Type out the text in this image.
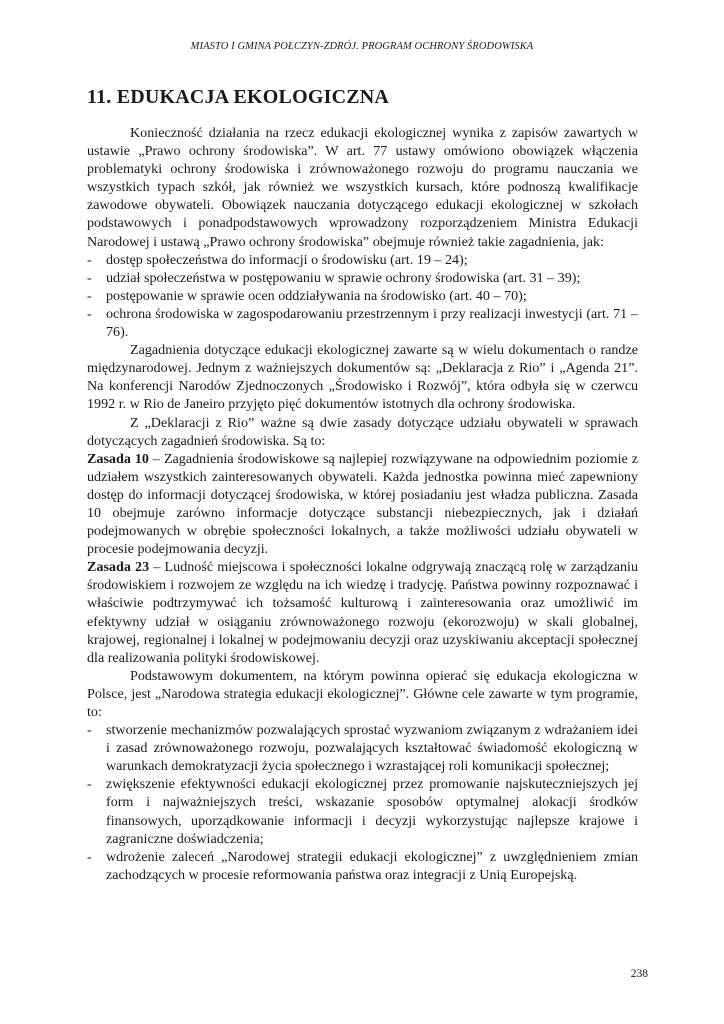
MIASTO I GMINA POŁCZYN-ZDRÓJ. PROGRAM OCHRONY ŚRODOWISKA
11. EDUKACJA EKOLOGICZNA

Konieczność działania na rzecz edukacji ekologicznej wynika z zapisów zawartych w ustawie „Prawo ochrony środowiska”. W art. 77 ustawy omówiono obowiązek włączenia problematyki ochrony środowiska i zrównoważonego rozwoju do programu nauczania we wszystkich typach szkół, jak również we wszystkich kursach, które podnoszą kwalifikacje zawodowe obywateli. Obowiązek nauczania dotyczącego edukacji ekologicznej w szkołach podstawowych i ponadpodstawowych wprowadzony rozporządzeniem Ministra Edukacji Narodowej i ustawą „Prawo ochrony środowiska” obejmuje również takie zagadnienia, jak:

- dostęp społeczeństwa do informacji o środowisku (art. 19 – 24);
- udział społeczeństwa w postępowaniu w sprawie ochrony środowiska (art. 31 – 39);
- postępowanie w sprawie ocen oddziaływania na środowisko (art. 40 – 70);
- ochrona środowiska w zagospodarowaniu przestrzennym i przy realizacji inwestycji (art. 71 – 76).

Zagadnienia dotyczące edukacji ekologicznej zawarte są w wielu dokumentach o randze międzynarodowej. Jednym z ważniejszych dokumentów są: „Deklaracja z Rio” i „Agenda 21”. Na konferencji Narodów Zjednoczonych „Środowisko i Rozwój”, która odbyła się w czerwcu 1992 r. w Rio de Janeiro przyjęto pięć dokumentów istotnych dla ochrony środowiska.

Z „Deklaracji z Rio” ważne są dwie zasady dotyczące udziału obywateli w sprawach dotyczących zagadnień środowiska. Są to:

Zasada 10 – Zagadnienia środowiskowe są najlepiej rozwiązywane na odpowiednim poziomie z udziałem wszystkich zainteresowanych obywateli. Każda jednostka powinna mieć zapewniony dostęp do informacji dotyczącej środowiska, w której posiadaniu jest władza publiczna. Zasada 10 obejmuje zarówno informacje dotyczące substancji niebezpiecznych, jak i działań podejmowanych w obrębie społeczności lokalnych, a także możliwości udziału obywateli w procesie podejmowania decyzji.

Zasada 23 – Ludność miejscowa i społeczności lokalne odgrywają znaczącą rolę w zarządzaniu środowiskiem i rozwojem ze względu na ich wiedzę i tradycję. Państwa powinny rozpoznawać i właściwie podtrzymywać ich tożsamość kulturową i zainteresowania oraz umożliwić im efektywny udział w osiąganiu zrównoważonego rozwoju (ekorozwoju) w skali globalnej, krajowej, regionalnej i lokalnej w podejmowaniu decyzji oraz uzyskiwaniu akceptacji społecznej dla realizowania polityki środowiskowej.

Podstawowym dokumentem, na którym powinna opierać się edukacja ekologiczna w Polsce, jest „Narodowa strategia edukacji ekologicznej”. Główne cele zawarte w tym programie, to:

- stworzenie mechanizmów pozwalających sprostać wyzwaniom związanym z wdrażaniem idei i zasad zrównoważonego rozwoju, pozwalających kształtować świadomość ekologiczną w warunkach demokratyzacji życia społecznego i wzrastającej roli komunikacji społecznej;
- zwiększenie efektywności edukacji ekologicznej przez promowanie najskuteczniejszych jej form i najważniejszych treści, wskazanie sposobów optymalnej alokacji środków finansowych, uporządkowanie informacji i decyzji wykorzystując najlepsze krajowe i zagraniczne doświadczenia;
- wdrożenie zaleceń „Narodowej strategii edukacji ekologicznej” z uwzględnieniem zmian zachodzących w procesie reformowania państwa oraz integracji z Unią Europejską.
238
